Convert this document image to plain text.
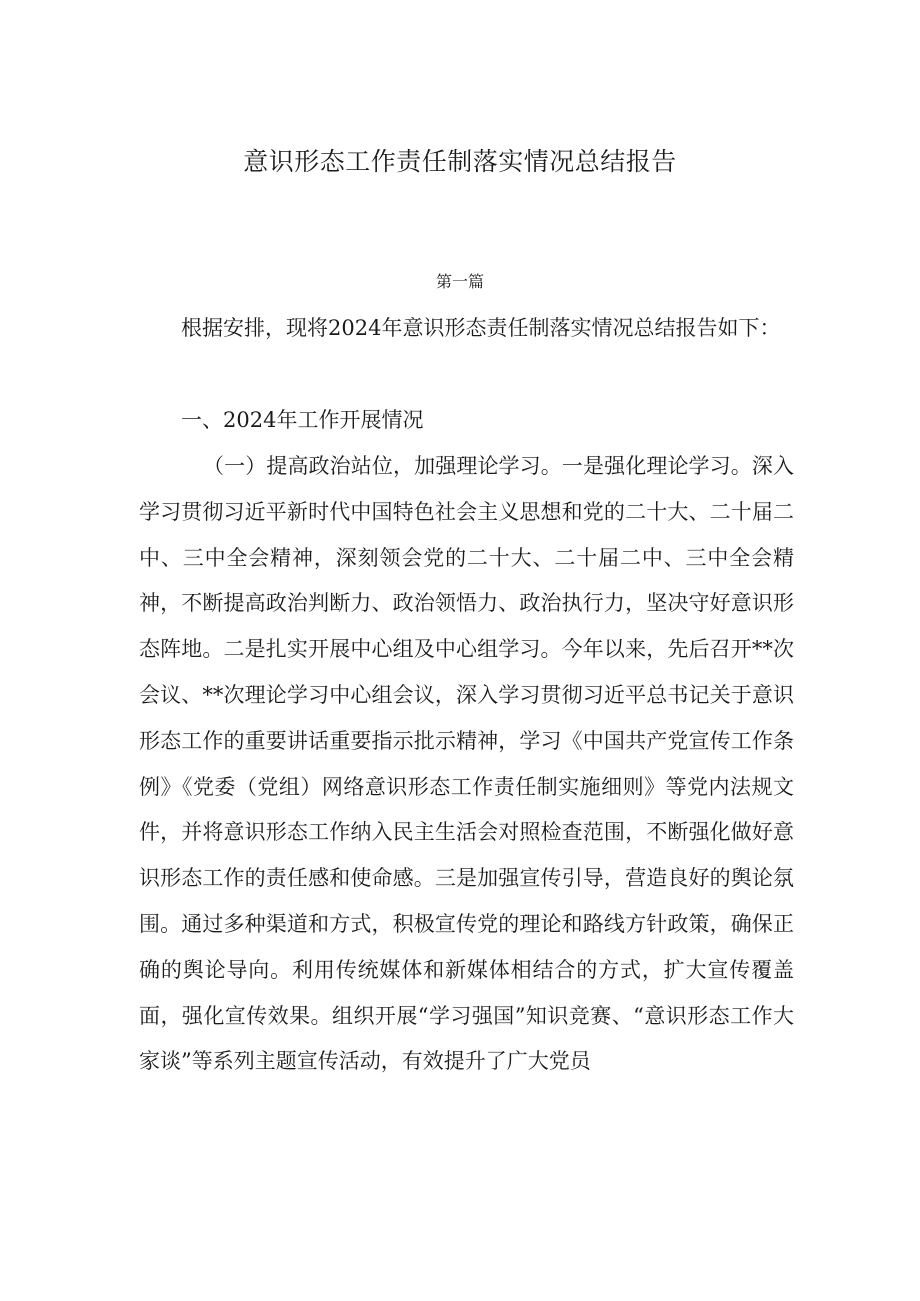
意识形态工作责任制落实情况总结报告
第一篇

根据安排，现将2024年意识形态责任制落实情况总结报告如下：

一、2024年工作开展情况

（一）提高政治站位，加强理论学习。一是强化理论学习。深入学习贯彻习近平新时代中国特色社会主义思想和党的二十大、二十届二中、三中全会精神，深刻领会党的二十大、二十届二中、三中全会精神，不断提高政治判断力、政治领悟力、政治执行力，坚决守好意识形态阵地。二是扎实开展中心组及中心组学习。今年以来，先后召开**次会议、**次理论学习中心组会议，深入学习贯彻习近平总书记关于意识形态工作的重要讲话重要指示批示精神，学习《中国共产党宣传工作条例》《党委（党组）网络意识形态工作责任制实施细则》等党内法规文件，并将意识形态工作纳入民主生活会对照检查范围，不断强化做好意识形态工作的责任感和使命感。三是加强宣传引导，营造良好的舆论氛围。通过多种渠道和方式，积极宣传党的理论和路线方针政策，确保正确的舆论导向。利用传统媒体和新媒体相结合的方式，扩大宣传覆盖面，强化宣传效果。组织开展“学习强国”知识竞赛、“意识形态工作大家谈”等系列主题宣传活动，有效提升了广大党员
